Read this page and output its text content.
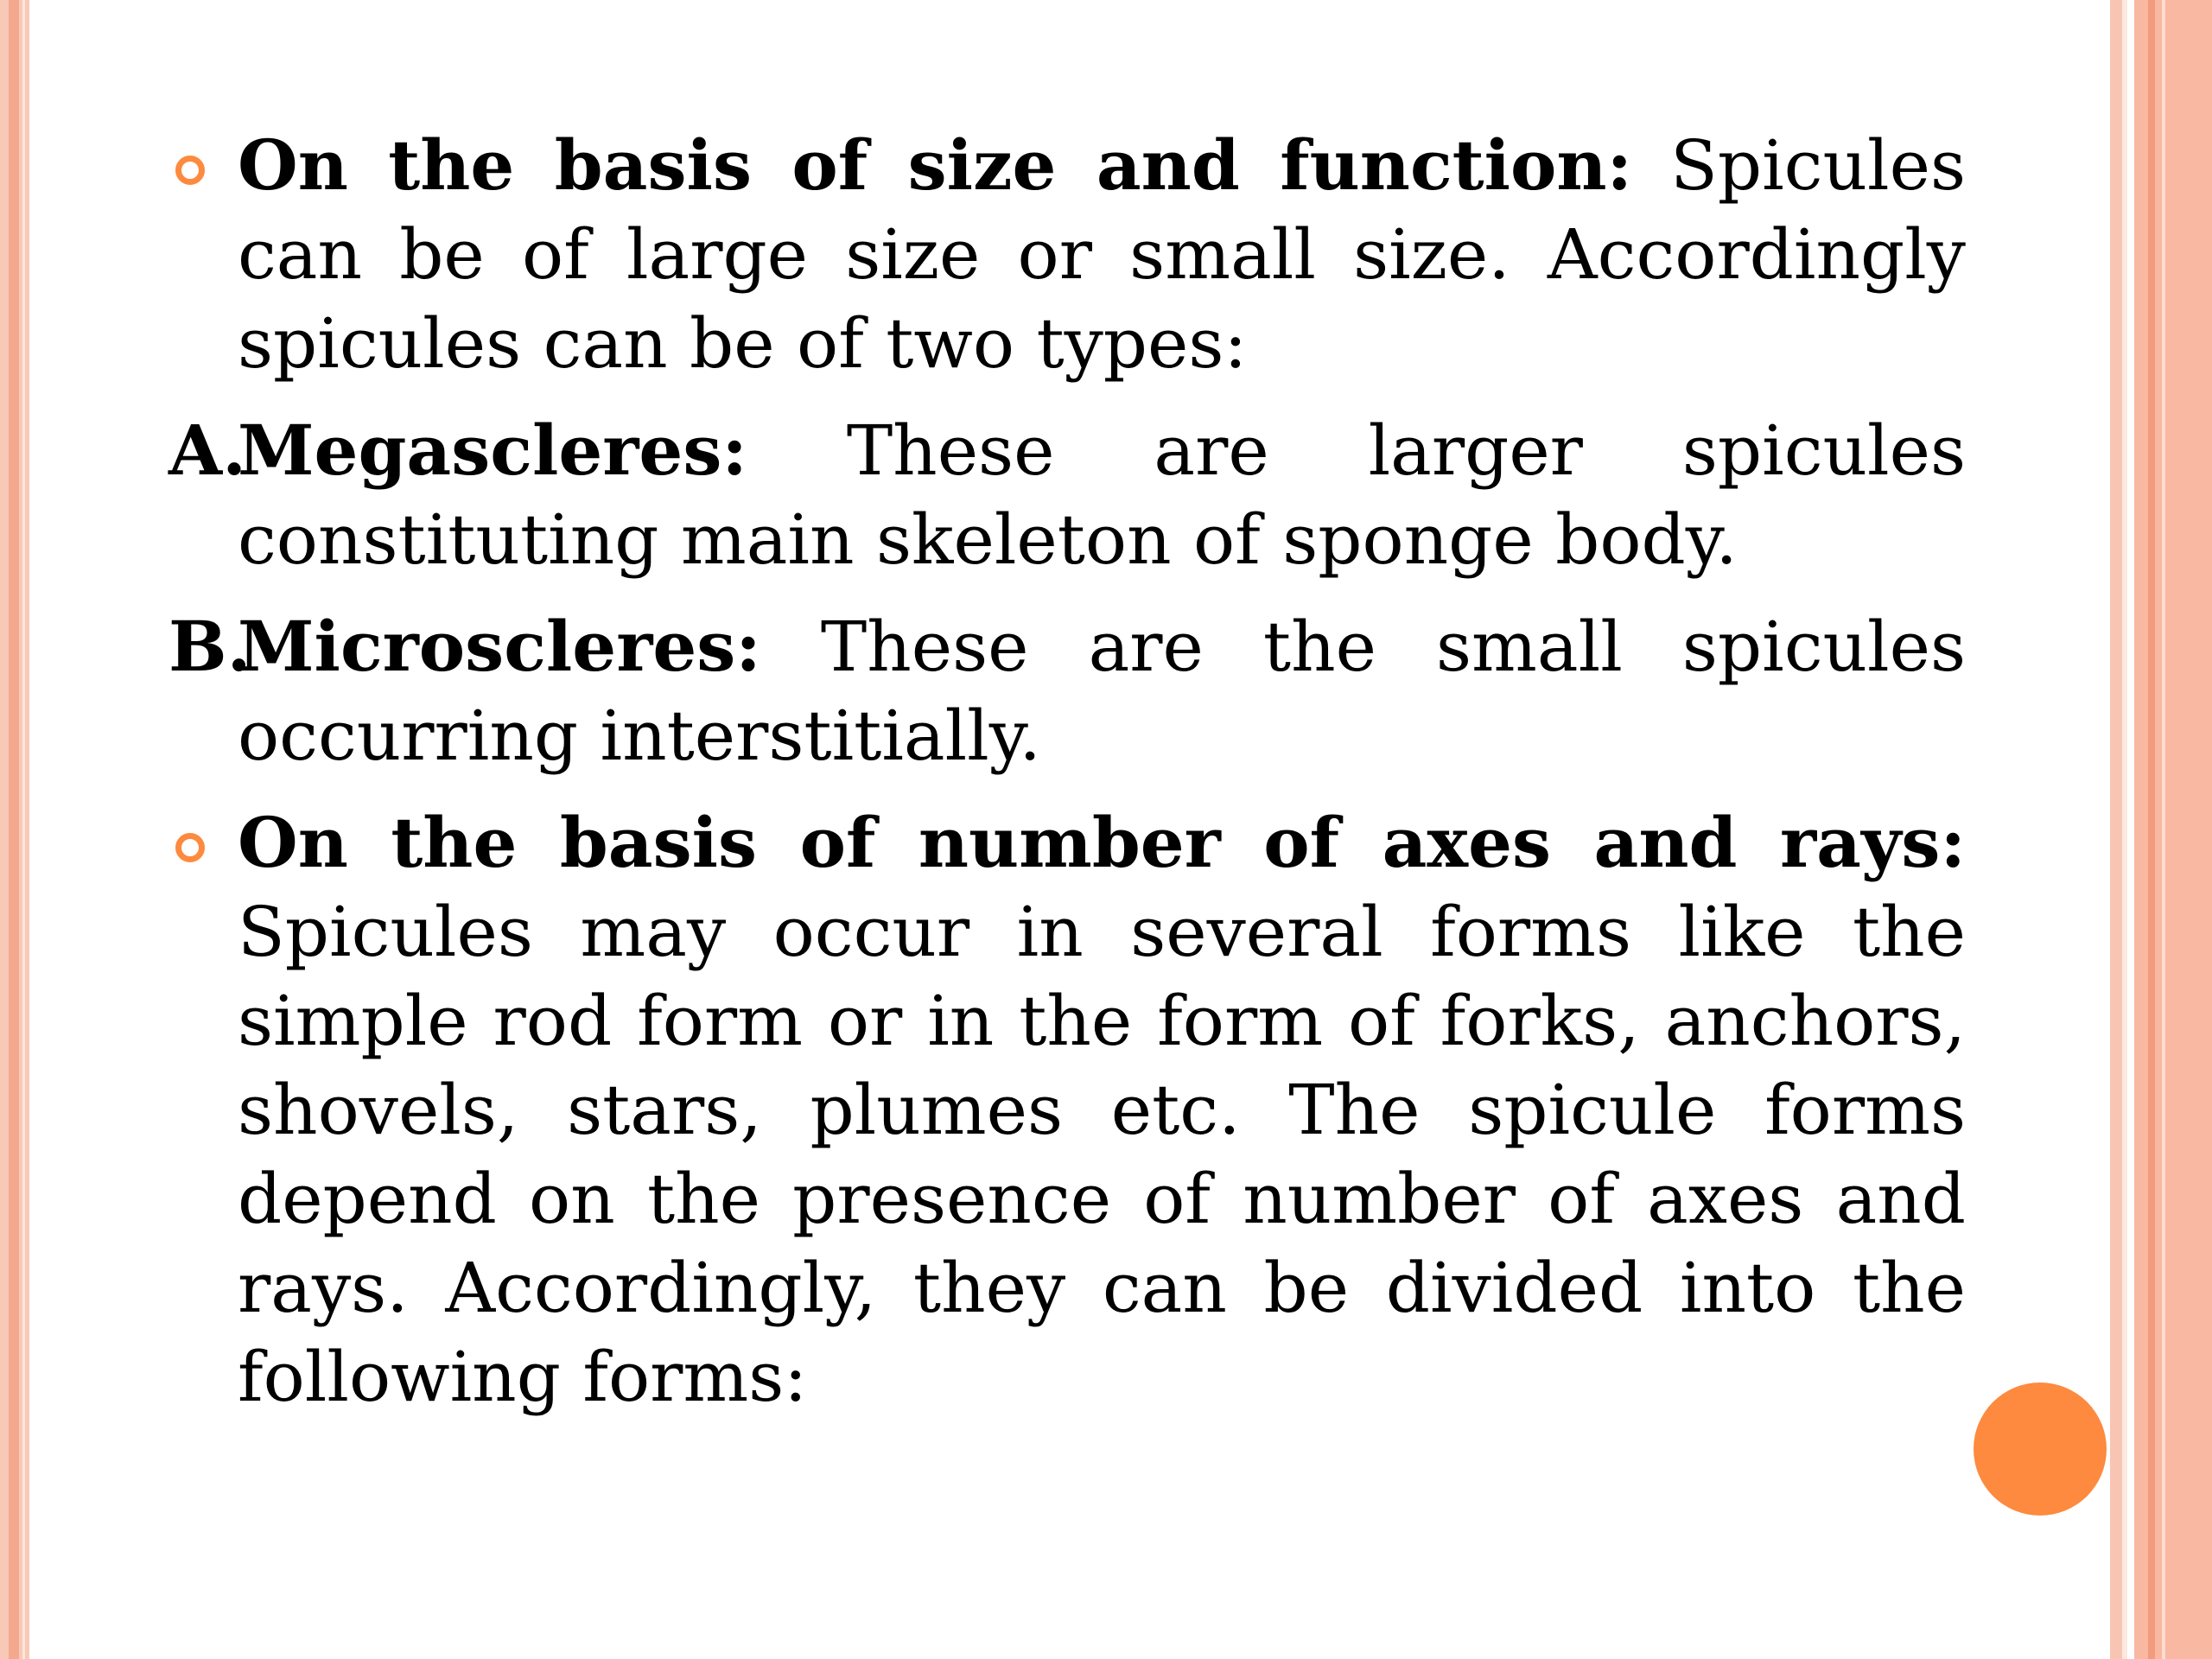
On the basis of size and function: Spicules can be of large size or small size. Accordingly spicules can be of two types:
A.
Megascleres: These are larger spicules constituting main skeleton of sponge body.
B.
Microscleres: These are the small spicules occurring interstitially.
On the basis of number of axes and rays: Spicules may occur in several forms like the simple rod form or in the form of forks, anchors, shovels, stars, plumes etc. The spicule forms depend on the presence of number of axes and rays. Accordingly, they can be divided into the following forms:
